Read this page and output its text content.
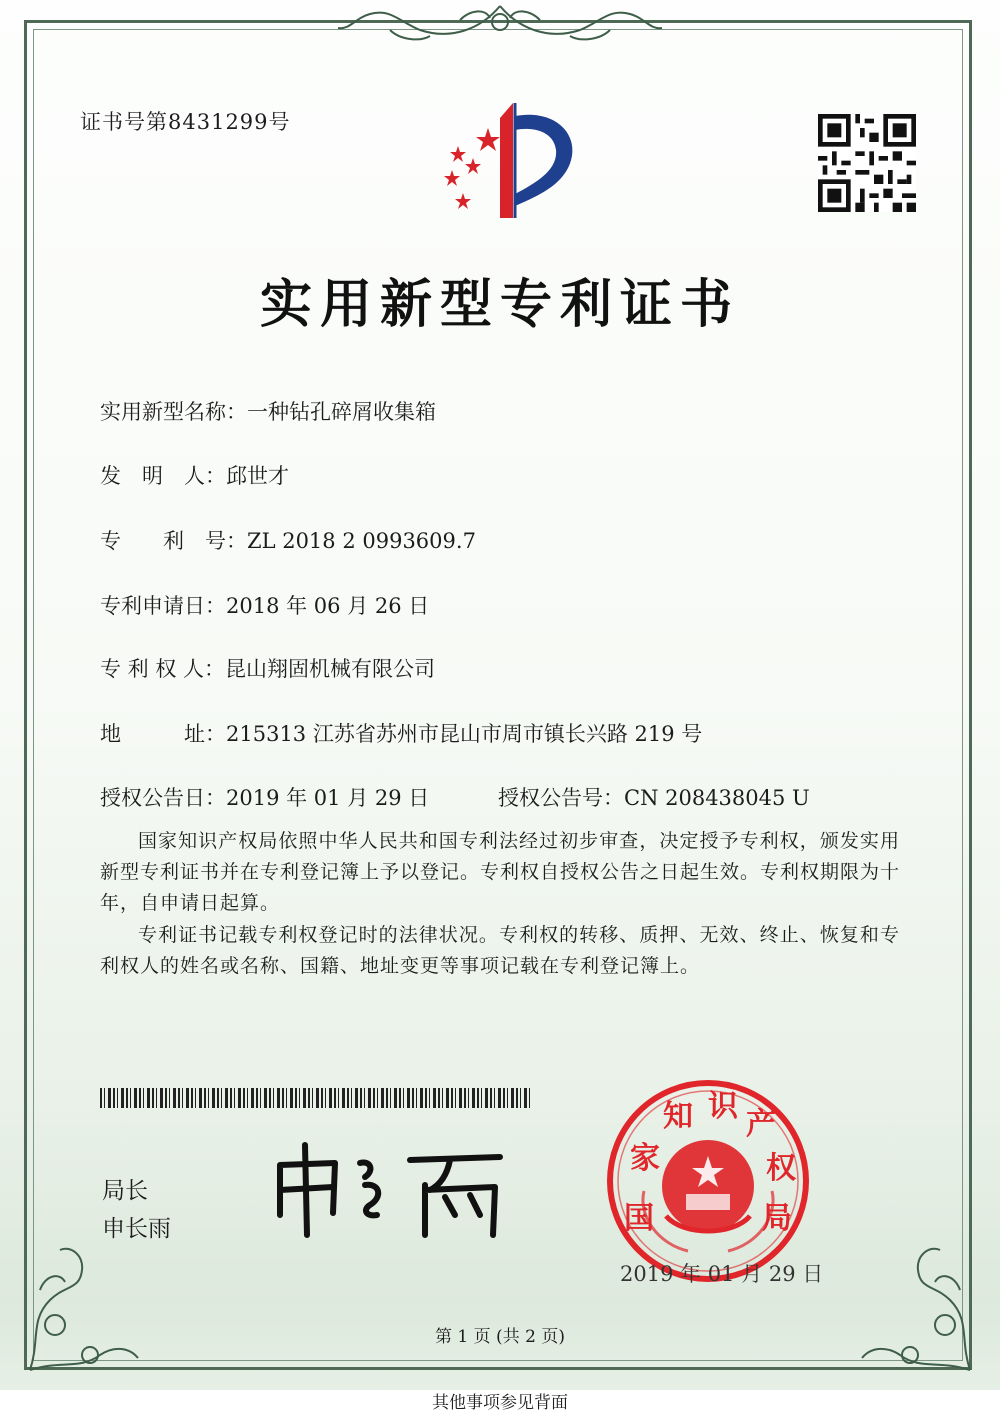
证书号第8431299号
实用新型专利证书
实用新型名称：一种钻孔碎屑收集箱
发　明　人：邱世才
专　　利　号：ZL 2018 2 0993609.7
专利申请日：2018 年 06 月 26 日
专 利 权 人：昆山翔固机械有限公司
地　　　址：215313 江苏省苏州市昆山市周市镇长兴路 219 号
授权公告日：2019 年 01 月 29 日	授权公告号：CN 208438045 U
国家知识产权局依照中华人民共和国专利法经过初步审查，决定授予专利权，颁发实用新型专利证书并在专利登记簿上予以登记。专利权自授权公告之日起生效。专利权期限为十年，自申请日起算。
专利证书记载专利权登记时的法律状况。专利权的转移、质押、无效、终止、恢复和专利权人的姓名或名称、国籍、地址变更等事项记载在专利登记簿上。
局长
申长雨	国
家
知 识
产
权
局
2019 年 01 月 29 日
第 1 页 (共 2 页)
其他事项参见背面
